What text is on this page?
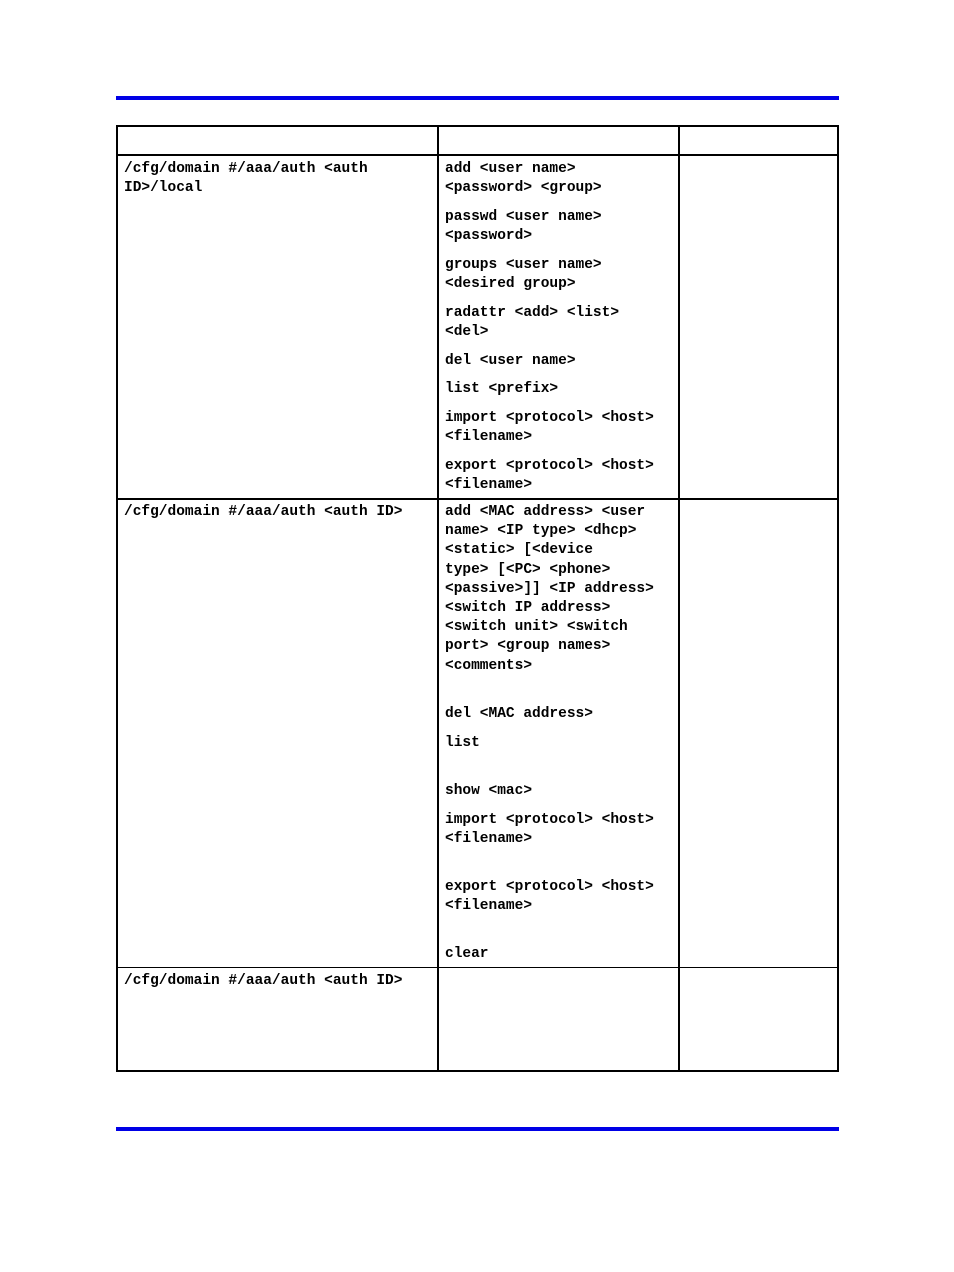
/cfg/domain #/aaa/auth <auth
ID>/local
add <user name>
<password> <group>
passwd <user name>
<password>
groups <user name>
<desired group>
radattr <add> <list>
<del>
del <user name>
list <prefix>
import <protocol> <host>
<filename>
export <protocol> <host>
<filename>
/cfg/domain #/aaa/auth <auth ID>	add <MAC address> <user
name> <IP type> <dhcp>
<static> [<device
type> [<PC> <phone>
<passive>]] <IP address>
<switch IP address>
<switch unit> <switch
port> <group names>
<comments>
del <MAC address>
list
show <mac>
import <protocol> <host>
<filename>
export <protocol> <host>
<filename>
clear
/cfg/domain #/aaa/auth <auth ID>
